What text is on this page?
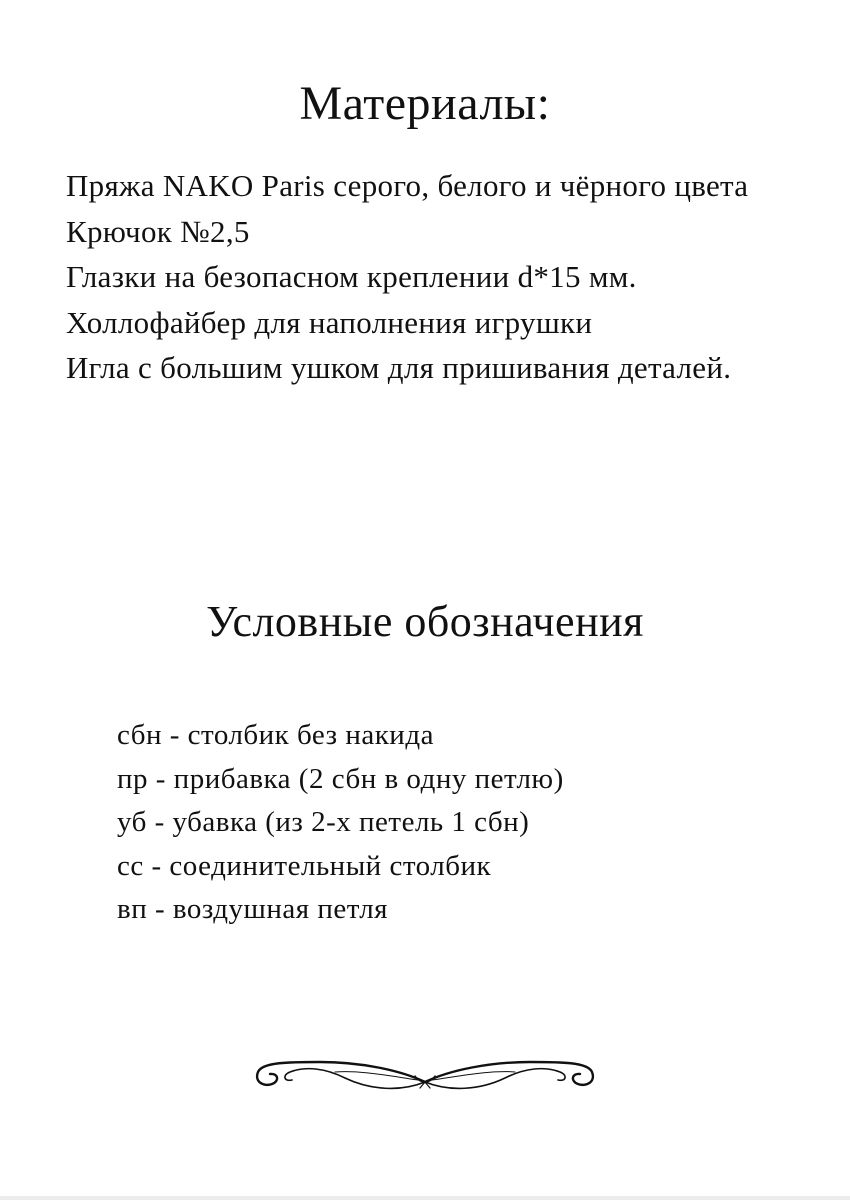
Материалы:
Пряжа NAKO Paris серого, белого и чёрного цвета
Крючок №2,5
Глазки на безопасном креплении d*15 мм.
Холлофайбер для наполнения игрушки
Игла с большим ушком для пришивания деталей.
Условные обозначения
сбн - столбик без накида
пр - прибавка (2 сбн в одну петлю)
уб - убавка (из 2-х петель 1 сбн)
сс - соединительный столбик
вп - воздушная петля
